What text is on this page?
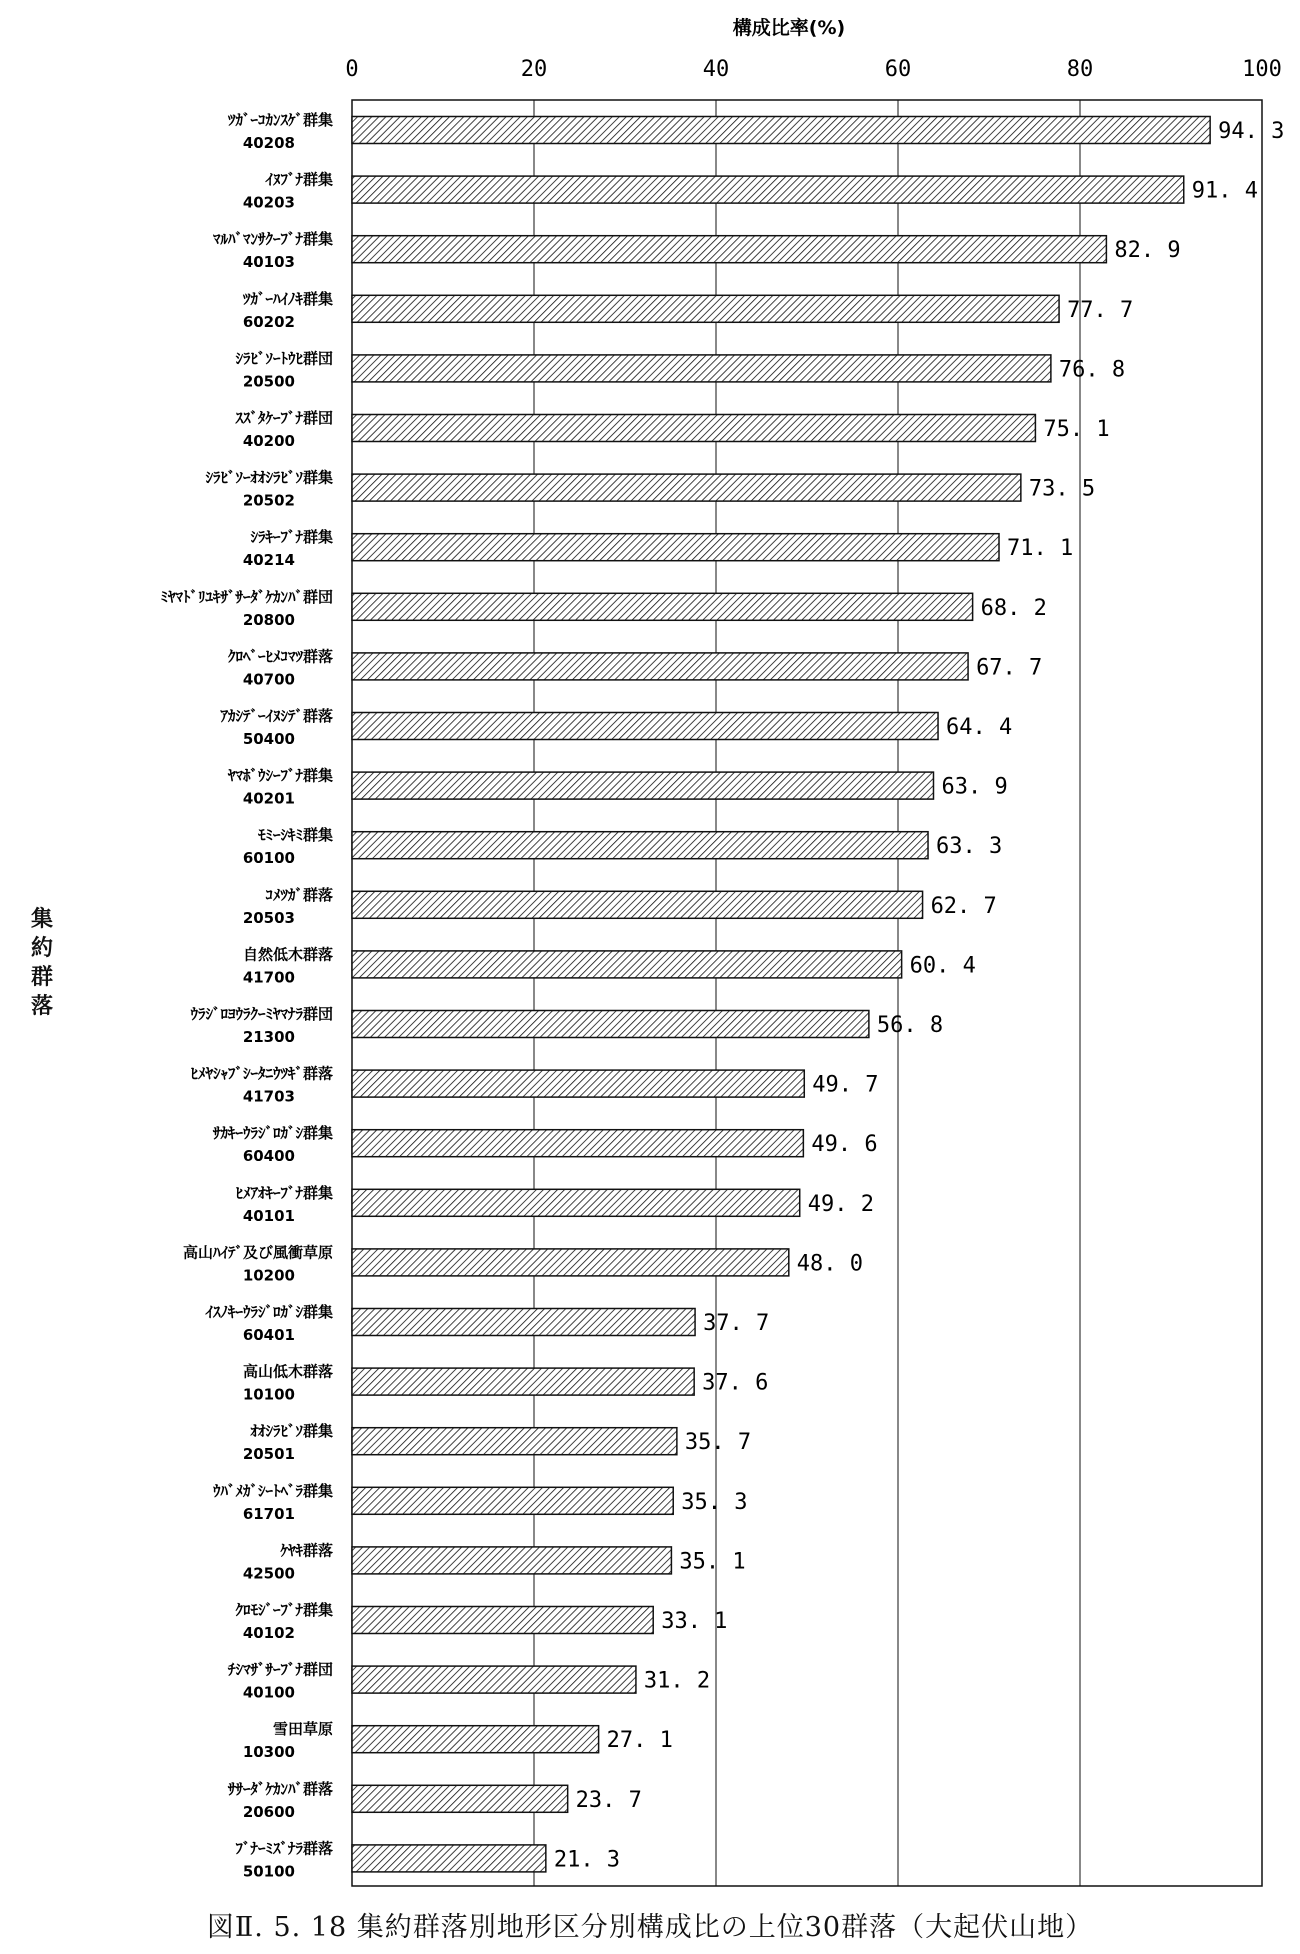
構成比率(%)
0	20	40	60	80	100
ﾂｶﾞｰｺｶﾝｽｹﾞ群集
40208
ｲﾇﾌﾞﾅ群集
40203
ﾏﾙﾊﾞﾏﾝｻｸｰﾌﾞﾅ群集
40103
ﾂｶﾞｰﾊｲﾉｷ群集
60202
ｼﾗﾋﾞｿｰﾄｳﾋ群団
20500
ｽｽﾞﾀｹｰﾌﾞﾅ群団
40200
ｼﾗﾋﾞｿｰｵｵｼﾗﾋﾞｿ群集
20502
ｼﾗｷｰﾌﾞﾅ群集
40214
ﾐﾔﾏﾄﾞﾘﾕｷｻﾞｻｰﾀﾞｹｶﾝﾊﾞ群団
20800
ｸﾛﾍﾞｰﾋﾒｺﾏﾂ群落
40700
ｱｶｼﾃﾞｰｲﾇｼﾃﾞ群落
50400
ﾔﾏﾎﾞｳｼｰﾌﾞﾅ群集
40201
ﾓﾐｰｼｷﾐ群集
60100
ｺﾒﾂｶﾞ群落
20503
自然低木群落
41700
ｳﾗｼﾞﾛﾖｳﾗｸｰﾐﾔﾏﾅﾗ群団
21300
ﾋﾒﾔｼｬﾌﾞｼｰﾀﾆｳﾂｷﾞ群落
41703
ｻｶｷｰｳﾗｼﾞﾛｶﾞｼ群集
60400
ﾋﾒｱｵｷｰﾌﾞﾅ群集
40101
高山ﾊｲﾃﾞ及び風衝草原
10200
ｲｽﾉｷｰｳﾗｼﾞﾛｶﾞｼ群集
60401
高山低木群落
10100
ｵｵｼﾗﾋﾞｿ群集
20501
ｳﾊﾞﾒｶﾞｼｰﾄﾍﾞﾗ群集
61701
ｹﾔｷ群落
42500
ｸﾛﾓｼﾞｰﾌﾞﾅ群集
40102
ﾁｼﾏｻﾞｻｰﾌﾞﾅ群団
40100
雪田草原
10300
ｻｻｰﾀﾞｹｶﾝﾊﾞ群落
20600
ﾌﾞﾅｰﾐｽﾞﾅﾗ群落
50100
94. 3
91. 4
82. 9
77. 7
76. 8
75. 1
73. 5
71. 1
68. 2
67. 7
64. 4
63. 9
63. 3
62. 7
60. 4
56. 8
49. 7
49. 6
49. 2
48. 0
37. 7
37. 6
35. 7
35. 3
35. 1
33. 1
31. 2
27. 1
23. 7
21. 3
集約群落
図Ⅱ. 5. 18 集約群落別地形区分別構成比の上位30群落（大起伏山地）
